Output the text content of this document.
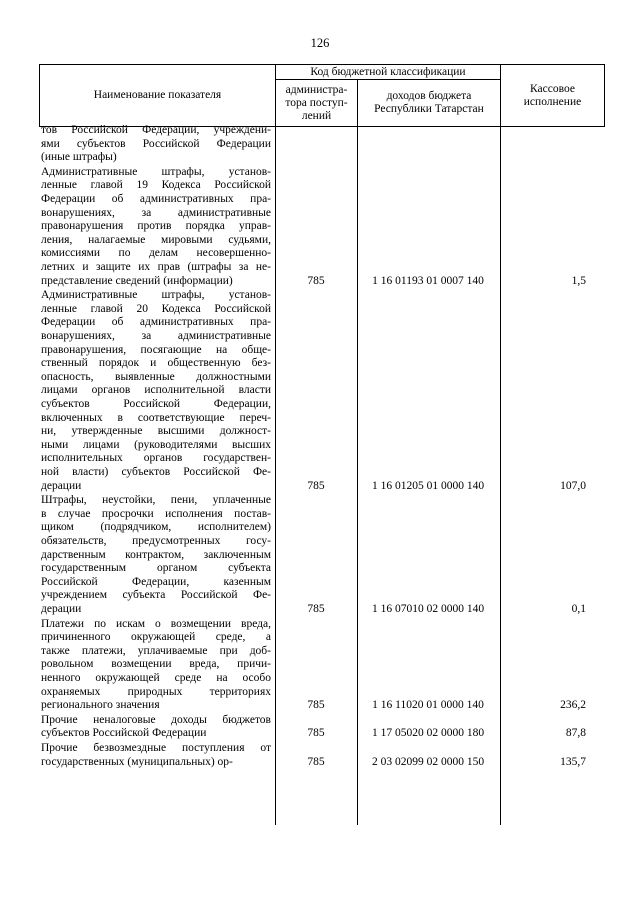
126
Наименование показателя
Код бюджетной классификации
администра-
тора поступ-
лений
доходов бюджета
Республики Татарстан
Кассовое
исполнение
тов Российской Федерации, учреждени-
ями субъектов Российской Федерации
(иные штрафы)
Административные штрафы, установ-
ленные главой 19 Кодекса Российской
Федерации об административных пра-
вонарушениях, за административные
правонарушения против порядка управ-
ления, налагаемые мировыми судьями,
комиссиями по делам несовершенно-
летних и защите их прав (штрафы за не-
представление сведений (информации)	785	1 16 01193 01 0007 140	1,5
Административные штрафы, установ-
ленные главой 20 Кодекса Российской
Федерации об административных пра-
вонарушениях, за административные
правонарушения, посягающие на обще-
ственный порядок и общественную без-
опасность, выявленные должностными
лицами органов исполнительной власти
субъектов Российской Федерации,
включенных в соответствующие переч-
ни, утвержденные высшими должност-
ными лицами (руководителями высших
исполнительных органов государствен-
ной власти) субъектов Российской Фе-
дерации	785	1 16 01205 01 0000 140	107,0
Штрафы, неустойки, пени, уплаченные
в случае просрочки исполнения постав-
щиком (подрядчиком, исполнителем)
обязательств, предусмотренных госу-
дарственным контрактом, заключенным
государственным органом субъекта
Российской Федерации, казенным
учреждением субъекта Российской Фе-
дерации	785	1 16 07010 02 0000 140	0,1
Платежи по искам о возмещении вреда,
причиненного окружающей среде, а
также платежи, уплачиваемые при доб-
ровольном возмещении вреда, причи-
ненного окружающей среде на особо
охраняемых природных территориях
регионального значения	785	1 16 11020 01 0000 140	236,2
Прочие неналоговые доходы бюджетов
субъектов Российской Федерации	785	1 17 05020 02 0000 180	87,8
Прочие безвозмездные поступления от
государственных (муниципальных) ор-	785	2 03 02099 02 0000 150	135,7
